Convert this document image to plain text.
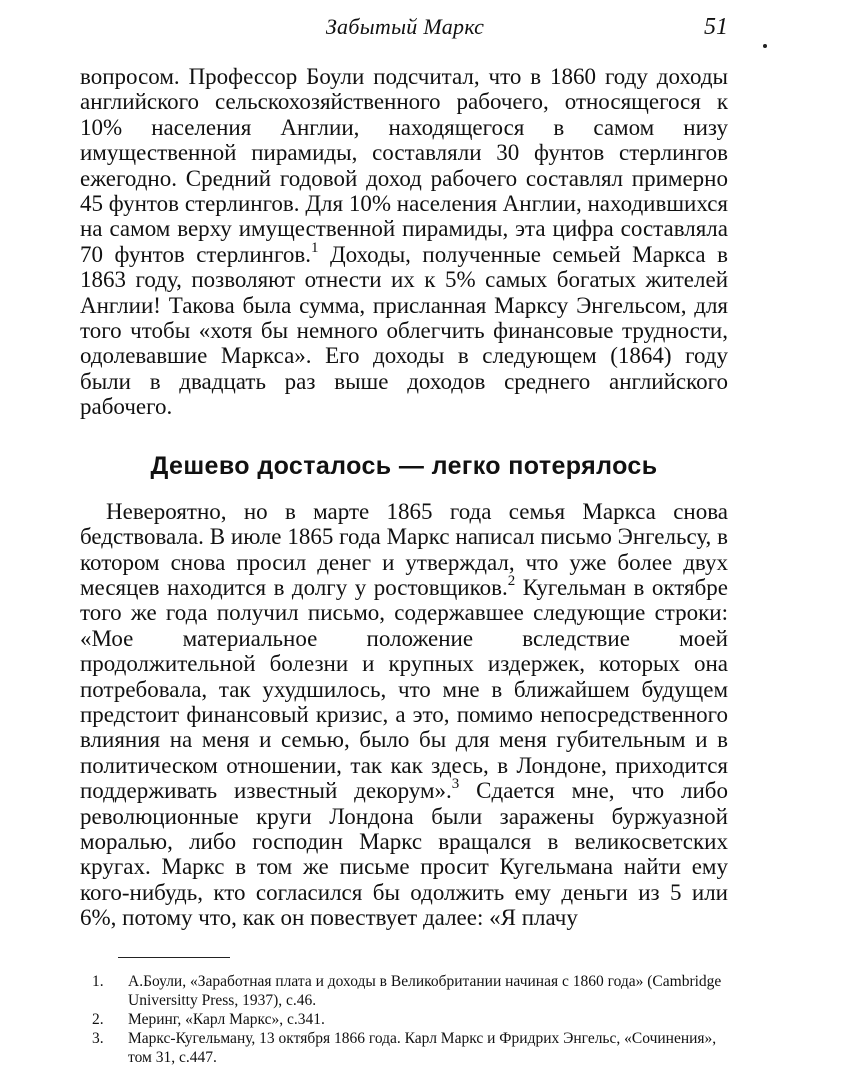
Забытый Маркс	51

вопросом. Профессор Боули подсчитал, что в 1860 году доходы английского сельскохозяйственного рабочего, относящегося к 10% населения Англии, находящегося в самом низу имущественной пирамиды, составляли 30 фунтов стерлингов ежегодно. Средний годовой доход рабочего составлял примерно 45 фунтов стерлингов. Для 10% населения Англии, находившихся на самом верху имущественной пирамиды, эта цифра составляла 70 фунтов стерлингов.$^1$ Доходы, полученные семьей Маркса в 1863 году, позволяют отнести их к 5% самых богатых жителей Англии! Такова была сумма, присланная Марксу Энгельсом, для того чтобы «хотя бы немного облегчить финансовые трудности, одолевавшие Маркса». Его доходы в следующем (1864) году были в двадцать раз выше доходов среднего английского рабочего.

Дешево досталось — легко потерялось

Невероятно, но в марте 1865 года семья Маркса снова бедствовала. В июле 1865 года Маркс написал письмо Энгельсу, в котором снова просил денег и утверждал, что уже более двух месяцев находится в долгу у ростовщиков.$^2$ Кугельман в октябре того же года получил письмо, содержавшее следующие строки: «Мое материальное положение вследствие моей продолжительной болезни и крупных издержек, которых она потребовала, так ухудшилось, что мне в ближайшем будущем предстоит финансовый кризис, а это, помимо непосредственного влияния на меня и семью, было бы для меня губительным и в политическом отношении, так как здесь, в Лондоне, приходится поддерживать известный декорум».$^3$ Сдается мне, что либо революционные круги Лондона были заражены буржуазной моралью, либо господин Маркс вращался в великосветских кругах. Маркс в том же письме просит Кугельмана найти ему кого-нибудь, кто согласился бы одолжить ему деньги из 5 или 6%, потому что, как он повествует далее: «Я плачу

1.	А.Боули, «Заработная плата и доходы в Великобритании начиная с 1860 года» (Cambridge Universitty Press, 1937), с.46.
2.	Меринг, «Карл Маркс», с.341.
3.	Маркс-Кугельману, 13 октября 1866 года. Карл Маркс и Фридрих Энгельс, «Сочинения», том 31, с.447.
